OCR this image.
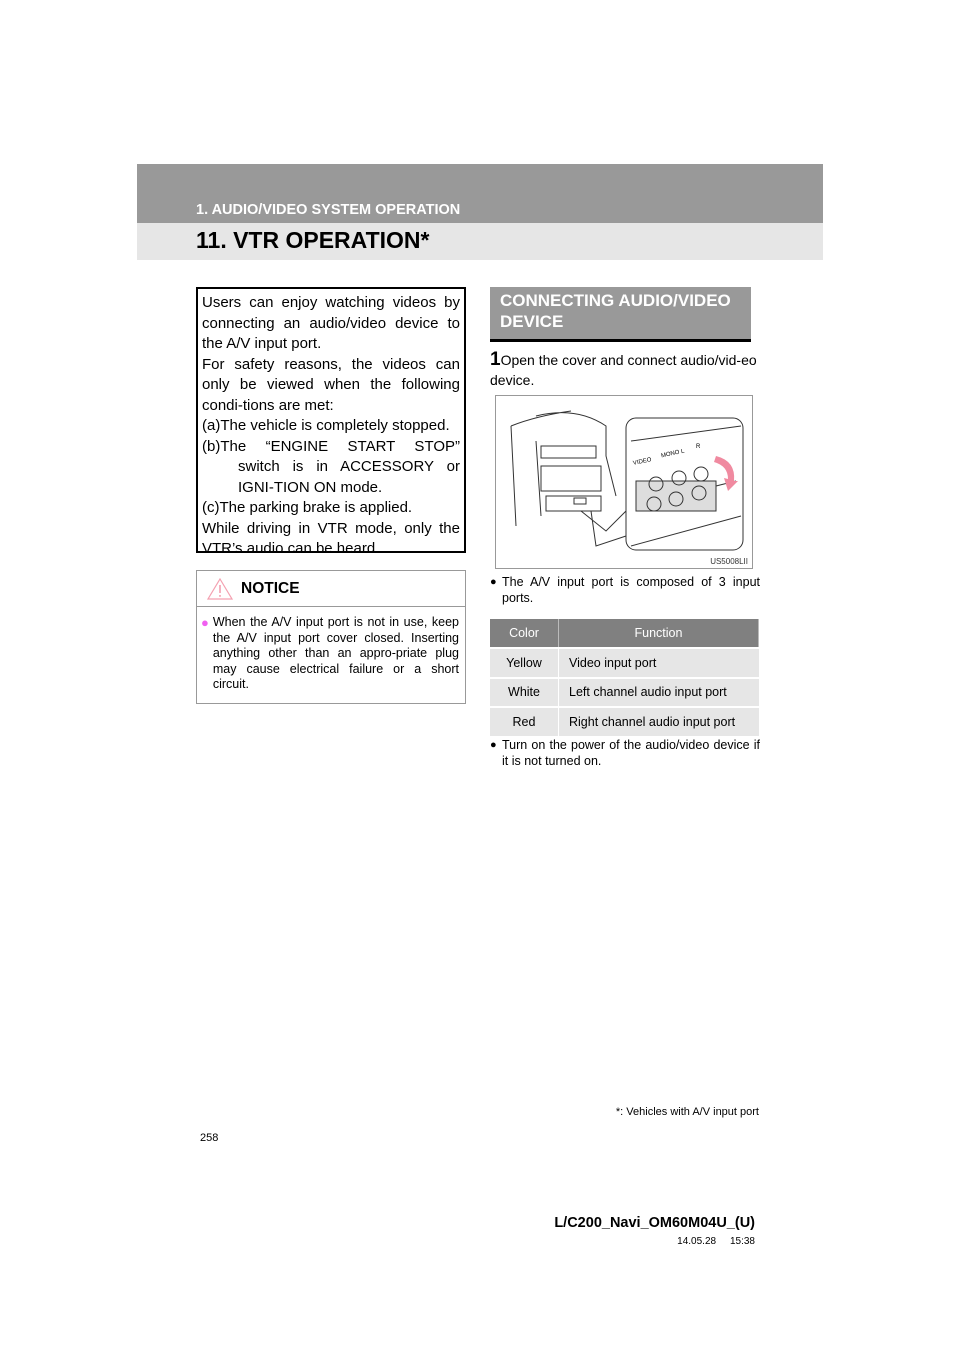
1. AUDIO/VIDEO SYSTEM OPERATION
11. VTR OPERATION*

Users can enjoy watching videos by connecting an audio/video device to the A/V input port.

For safety reasons, the videos can only be viewed when the following condi-tions are met:

(a)The vehicle is completely stopped.

(b)The “ENGINE START STOP” switch is in ACCESSORY or IGNI-TION ON mode.

(c)The parking brake is applied.

While driving in VTR mode, only the VTR’s audio can be heard.

NOTICE
● When the A/V input port is not in use, keep the A/V input port cover closed. Inserting anything other than an appro-priate plug may cause electrical failure or a short circuit.
CONNECTING AUDIO/VIDEO DEVICE
1Open the cover and connect audio/vid-eo device.
VIDEO
MONO L
R
US5008LII
● The A/V input port is composed of 3 input ports.
Color	Function
Yellow	Video input port
White	Left channel audio input port
Red	Right channel audio input port
● Turn on the power of the audio/video device if it is not turned on.
*: Vehicles with A/V input port
258
L/C200_Navi_OM60M04U_(U)
14.05.28     15:38
